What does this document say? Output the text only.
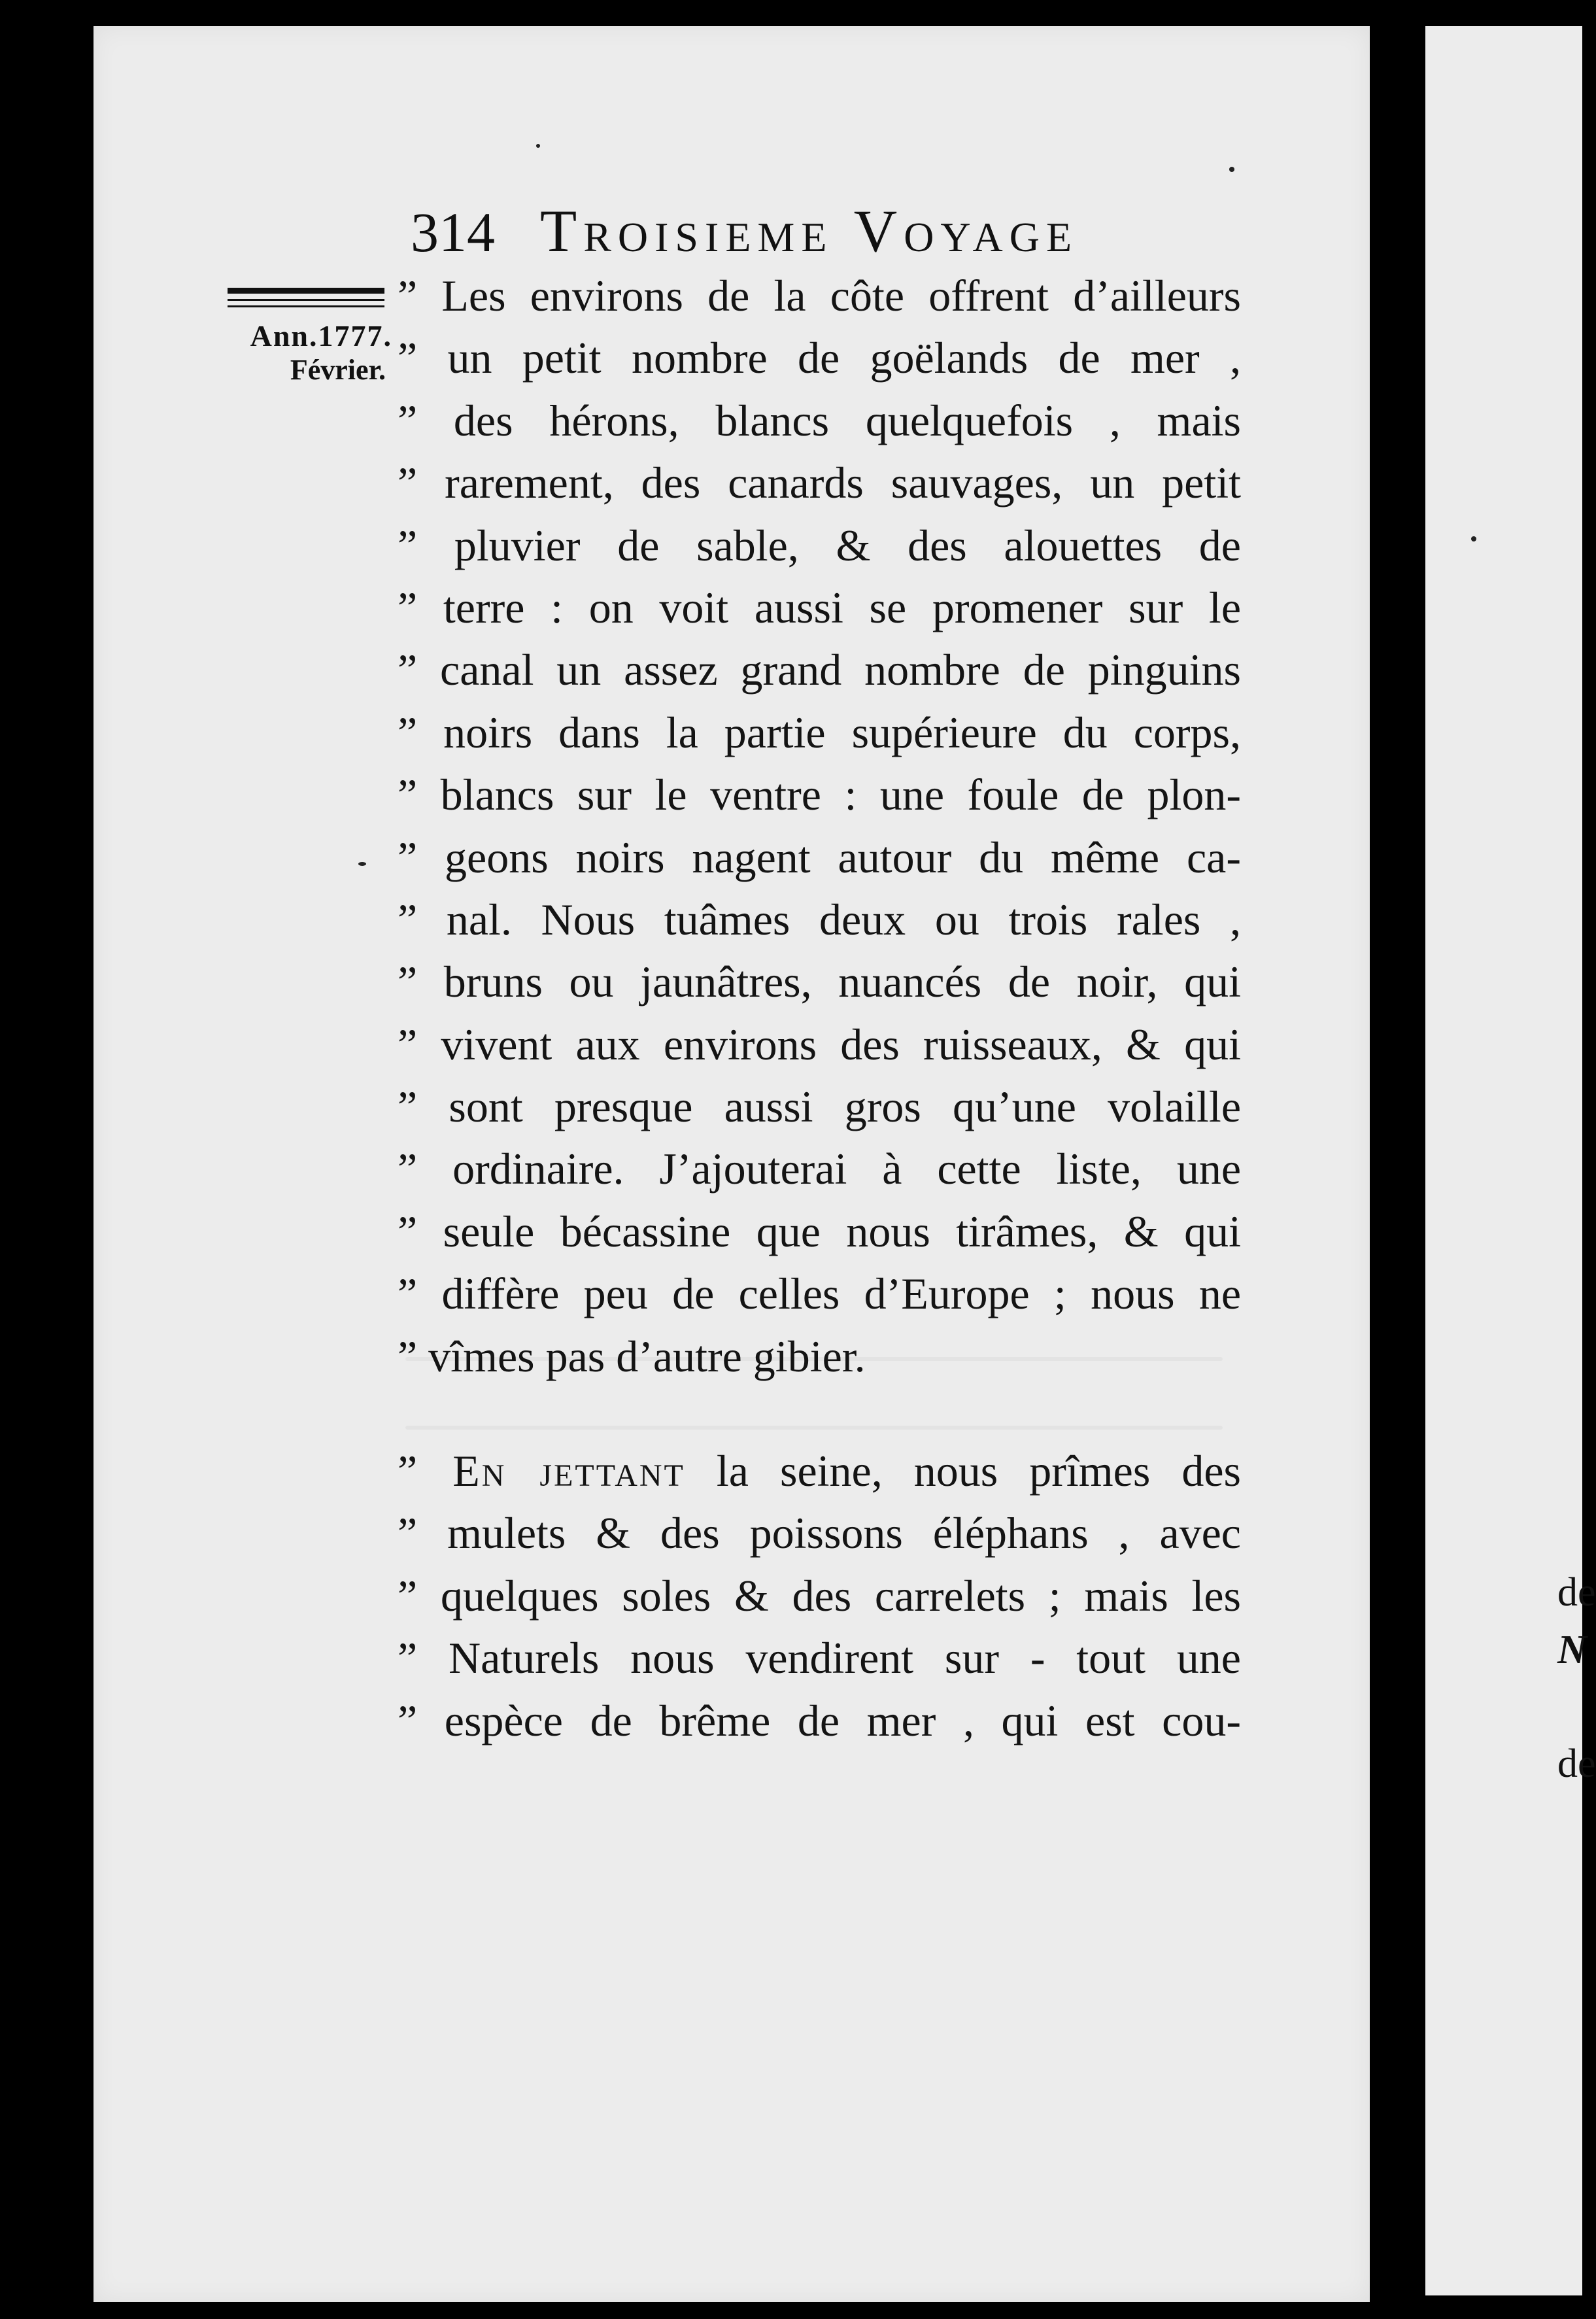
314 Troisieme Voyage
Ann.1777.
Février.
” Les environs de la côte offrent d’ailleurs
” un petit nombre de goëlands de mer ,
” des hérons, blancs quelquefois , mais
” rarement, des canards sauvages, un petit
” pluvier de sable, & des alouettes de
” terre : on voit aussi se promener sur le
” canal un assez grand nombre de pinguins
” noirs dans la partie supérieure du corps,
” blancs sur le ventre : une foule de plon-
” geons noirs nagent autour du même ca-
” nal. Nous tuâmes deux ou trois rales ,
” bruns ou jaunâtres, nuancés de noir, qui
” vivent aux environs des ruisseaux, & qui
” sont presque aussi gros qu’une volaille
” ordinaire. J’ajouterai à cette liste, une
” seule bécassine que nous tirâmes, & qui
” diffère peu de celles d’Europe ; nous ne
” vîmes pas d’autre gibier.
” En jettant la seine, nous prîmes des
” mulets & des poissons éléphans , avec
” quelques soles & des carrelets ; mais les
” Naturels nous vendirent sur - tout une
” espèce de brême de mer , qui est cou-
de
N
de
